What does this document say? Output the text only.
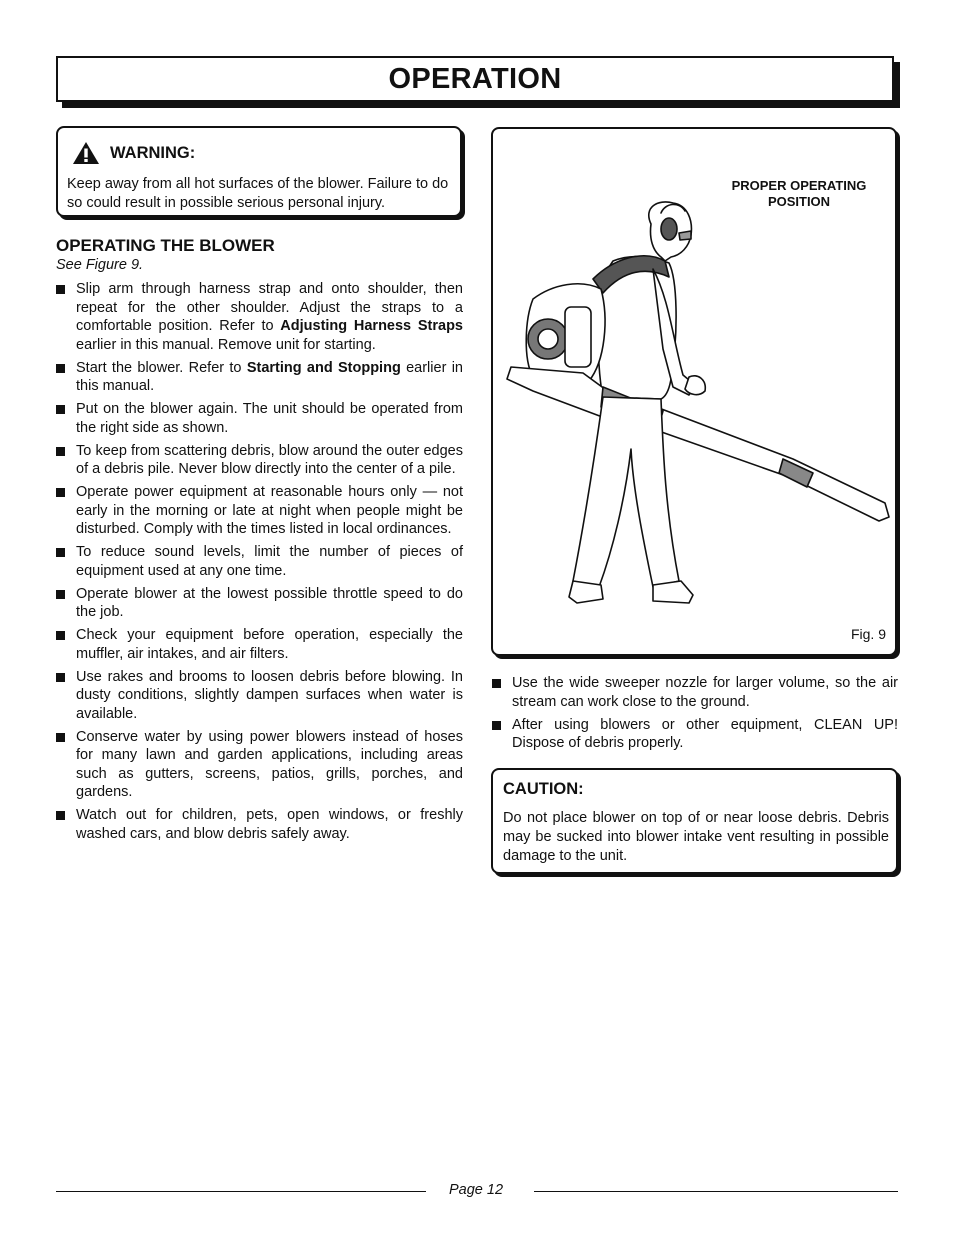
OPERATION
WARNING:
Keep away from all hot surfaces of the blower. Failure to do so could result in possible serious personal injury.
OPERATING THE BLOWER
See Figure 9.
Slip arm through harness strap and onto shoulder, then repeat for the other shoulder. Adjust the straps to a comfortable position. Refer to Adjusting Harness Straps earlier in this manual. Remove unit for starting.
Start the blower. Refer to Starting and Stopping earlier in this manual.
Put on the blower again. The unit should be operated from the right side as shown.
To keep from scattering debris, blow around the outer edges of a debris pile. Never blow directly into the center of a pile.
Operate power equipment at reasonable hours only — not early in the morning or late at night when people might be disturbed. Comply with the times listed in local ordinances.
To reduce sound levels, limit the number of pieces of equipment used at any one time.
Operate blower at the lowest possible throttle speed to do the job.
Check your equipment before operation, especially the muffler, air intakes, and air filters.
Use rakes and brooms to loosen debris before blowing. In dusty conditions, slightly dampen surfaces when water is available.
Conserve water by using power blowers instead of hoses for many lawn and garden applications, including areas such as gutters, screens, patios, grills, porches, and gardens.
Watch out for children, pets, open windows, or freshly washed cars, and blow debris safely away.
PROPER OPERATING
POSITION
Fig. 9
Use the wide sweeper nozzle for larger volume, so the air stream can work close to the ground.
After using blowers or other equipment, CLEAN UP! Dispose of debris properly.
CAUTION:
Do not place blower on top of or near loose debris. Debris may be sucked into blower intake vent resulting in possible damage to the unit.
Page 12
